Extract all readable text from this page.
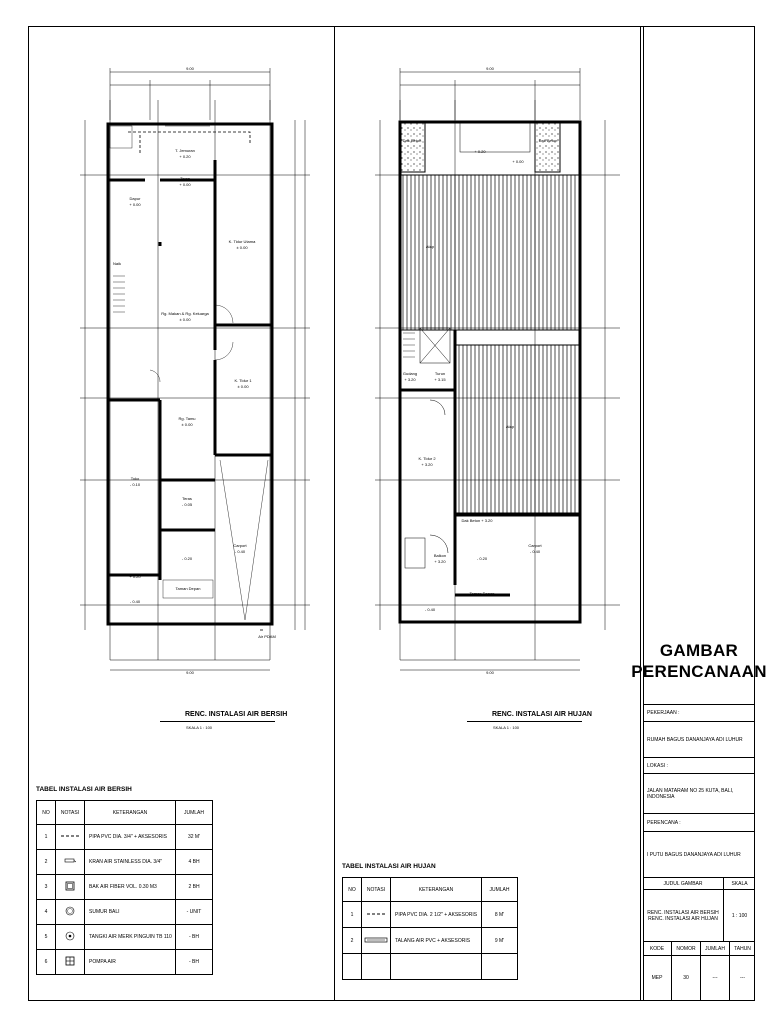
T. Jemuran
+ 0.20
Teras
+ 0.00
Dapur
+ 0.00
K. Tidur Utama
± 0.00
Naik
Rg. Makan & Rg. Keluarga
± 0.00
K. Tidur 1
± 0.00
Rg. Tamu
± 0.00
Toko
- 0.10
Teras
- 0.05
Carport
- 0.40
- 0.20
+ 0.20
- 0.40
Taman Depan
Air PDAM
9.00
9.00
Dak Beton	Dak Beton
+ 0.20
+ 0.00
Atap
Atap
Gudang
+ 3.20
Turun
+ 3.15
K. Tidur 2
+ 3.20
Balkon
+ 3.20
Dak Beton + 3.20
- 0.20
Carport
- 0.40
- 0.40
Taman Depan
9.00
9.00
RENC. INSTALASI AIR BERSIH
SKALA 1 : 100
RENC. INSTALASI AIR HUJAN
SKALA 1 : 100
TABEL INSTALASI AIR BERSIH
NO	NOTASI	KETERANGAN	JUMLAH
1		PIPA PVC DIA. 3/4" + AKSESORIS	32 M'
2		KRAN AIR STAINLESS DIA. 3/4"	4 BH
3		BAK AIR FIBER VOL. 0.30 M3	2 BH
4		SUMUR BALI	- UNIT
5		TANGKI AIR MERK PINGUIN TB 110	- BH
6		POMPA AIR	- BH
TABEL INSTALASI AIR HUJAN
NO	NOTASI	KETERANGAN	JUMLAH
1		PIPA PVC DIA. 2 1/2" + AKSESORIS	8 M'
2		TALANG AIR PVC + AKSESORIS	9 M'

GAMBAR
PERENCANAAN
PEKERJAAN :
RUMAH BAGUS DANANJAYA ADI LUHUR
LOKASI :
JALAN MATARAM NO 25 KUTA, BALI, INDONESIA
PERENCANA :
I PUTU BAGUS DANANJAYA ADI LUHUR
JUDUL GAMBAR	SKALA
RENC. INSTALASI AIR BERSIH
RENC. INSTALASI AIR HUJAN	1 : 100
KODE	NOMOR	JUMLAH	TAHUN
MEP	30	---	---
